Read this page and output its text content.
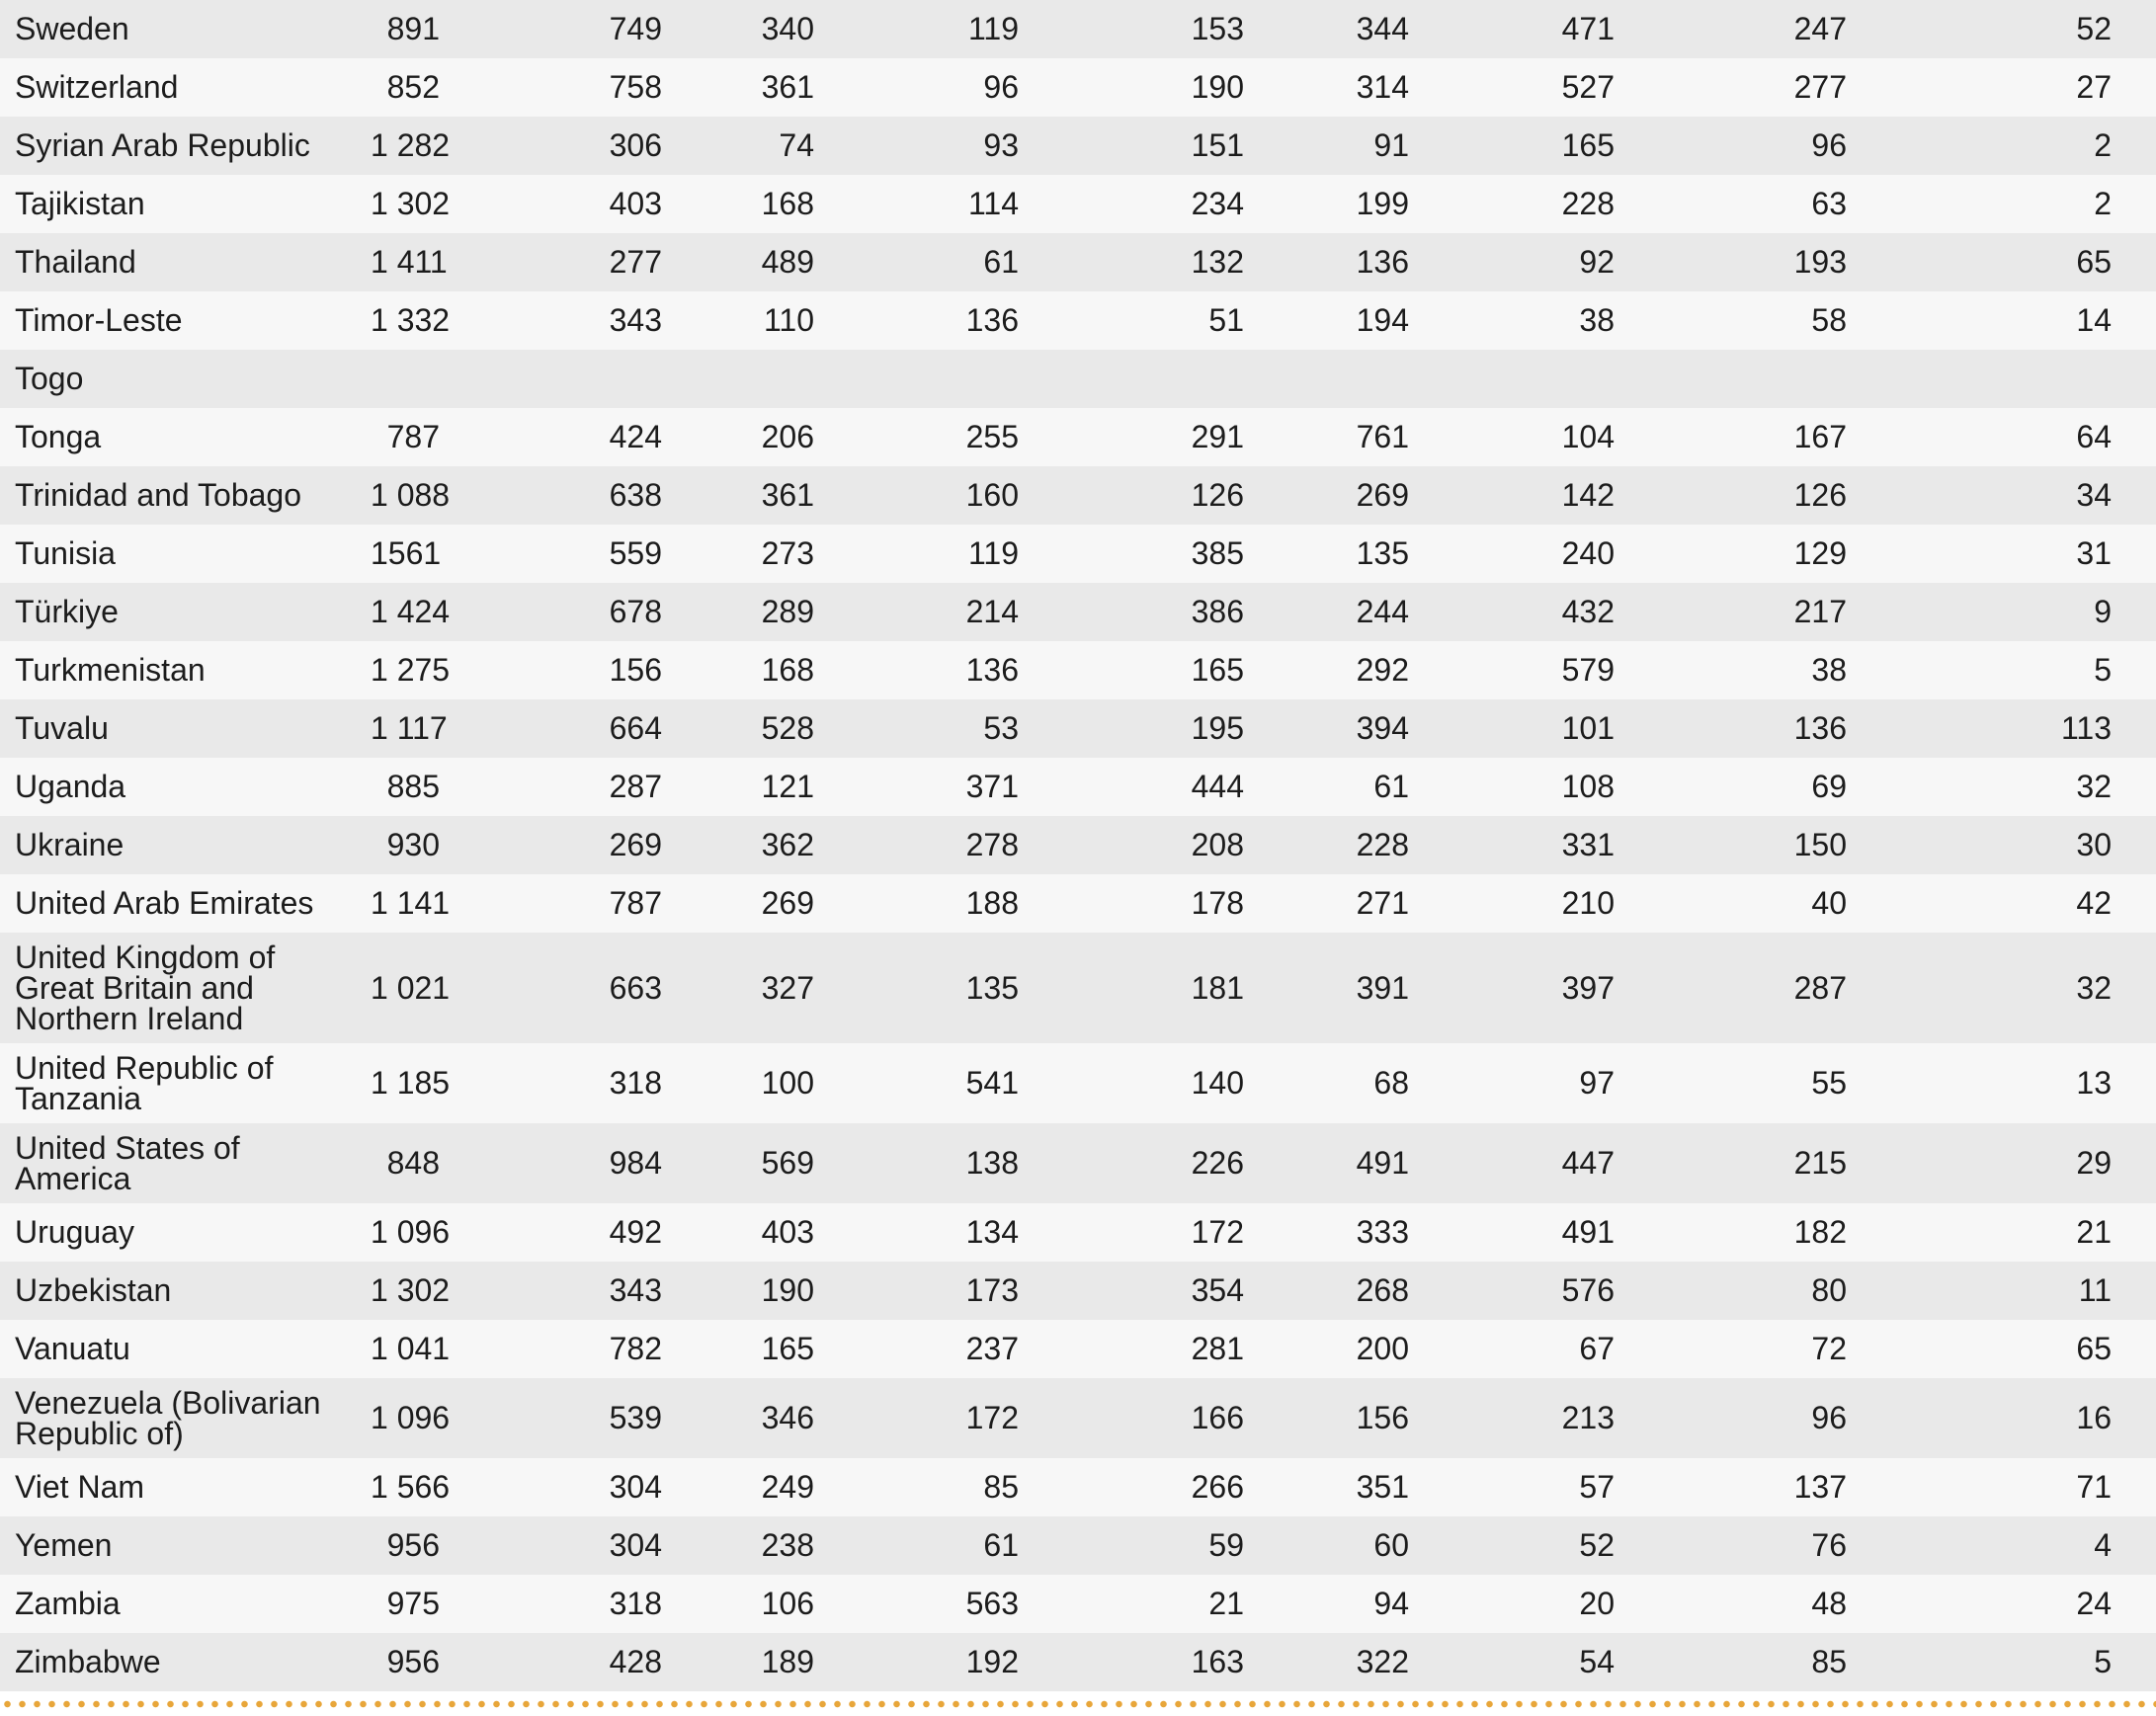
Sweden	891	749	340	119	153	344	471	247	52
Switzerland	852	758	361	96	190	314	527	277	27
Syrian Arab Republic	1 282	306	74	93	151	91	165	96	2
Tajikistan	1 302	403	168	114	234	199	228	63	2
Thailand	1 411	277	489	61	132	136	92	193	65
Timor-Leste	1 332	343	110	136	51	194	38	58	14
Togo									
Tonga	787	424	206	255	291	761	104	167	64
Trinidad and Tobago	1 088	638	361	160	126	269	142	126	34
Tunisia	1561	559	273	119	385	135	240	129	31
Türkiye	1 424	678	289	214	386	244	432	217	9
Turkmenistan	1 275	156	168	136	165	292	579	38	5
Tuvalu	1 117	664	528	53	195	394	101	136	113
Uganda	885	287	121	371	444	61	108	69	32
Ukraine	930	269	362	278	208	228	331	150	30
United Arab Emirates	1 141	787	269	188	178	271	210	40	42
United Kingdom of Great Britain and Northern Ireland	1 021	663	327	135	181	391	397	287	32
United Republic of Tanzania	1 185	318	100	541	140	68	97	55	13
United States of America	848	984	569	138	226	491	447	215	29
Uruguay	1 096	492	403	134	172	333	491	182	21
Uzbekistan	1 302	343	190	173	354	268	576	80	11
Vanuatu	1 041	782	165	237	281	200	67	72	65
Venezuela (Bolivarian Republic of)	1 096	539	346	172	166	156	213	96	16
Viet Nam	1 566	304	249	85	266	351	57	137	71
Yemen	956	304	238	61	59	60	52	76	4
Zambia	975	318	106	563	21	94	20	48	24
Zimbabwe	956	428	189	192	163	322	54	85	5
